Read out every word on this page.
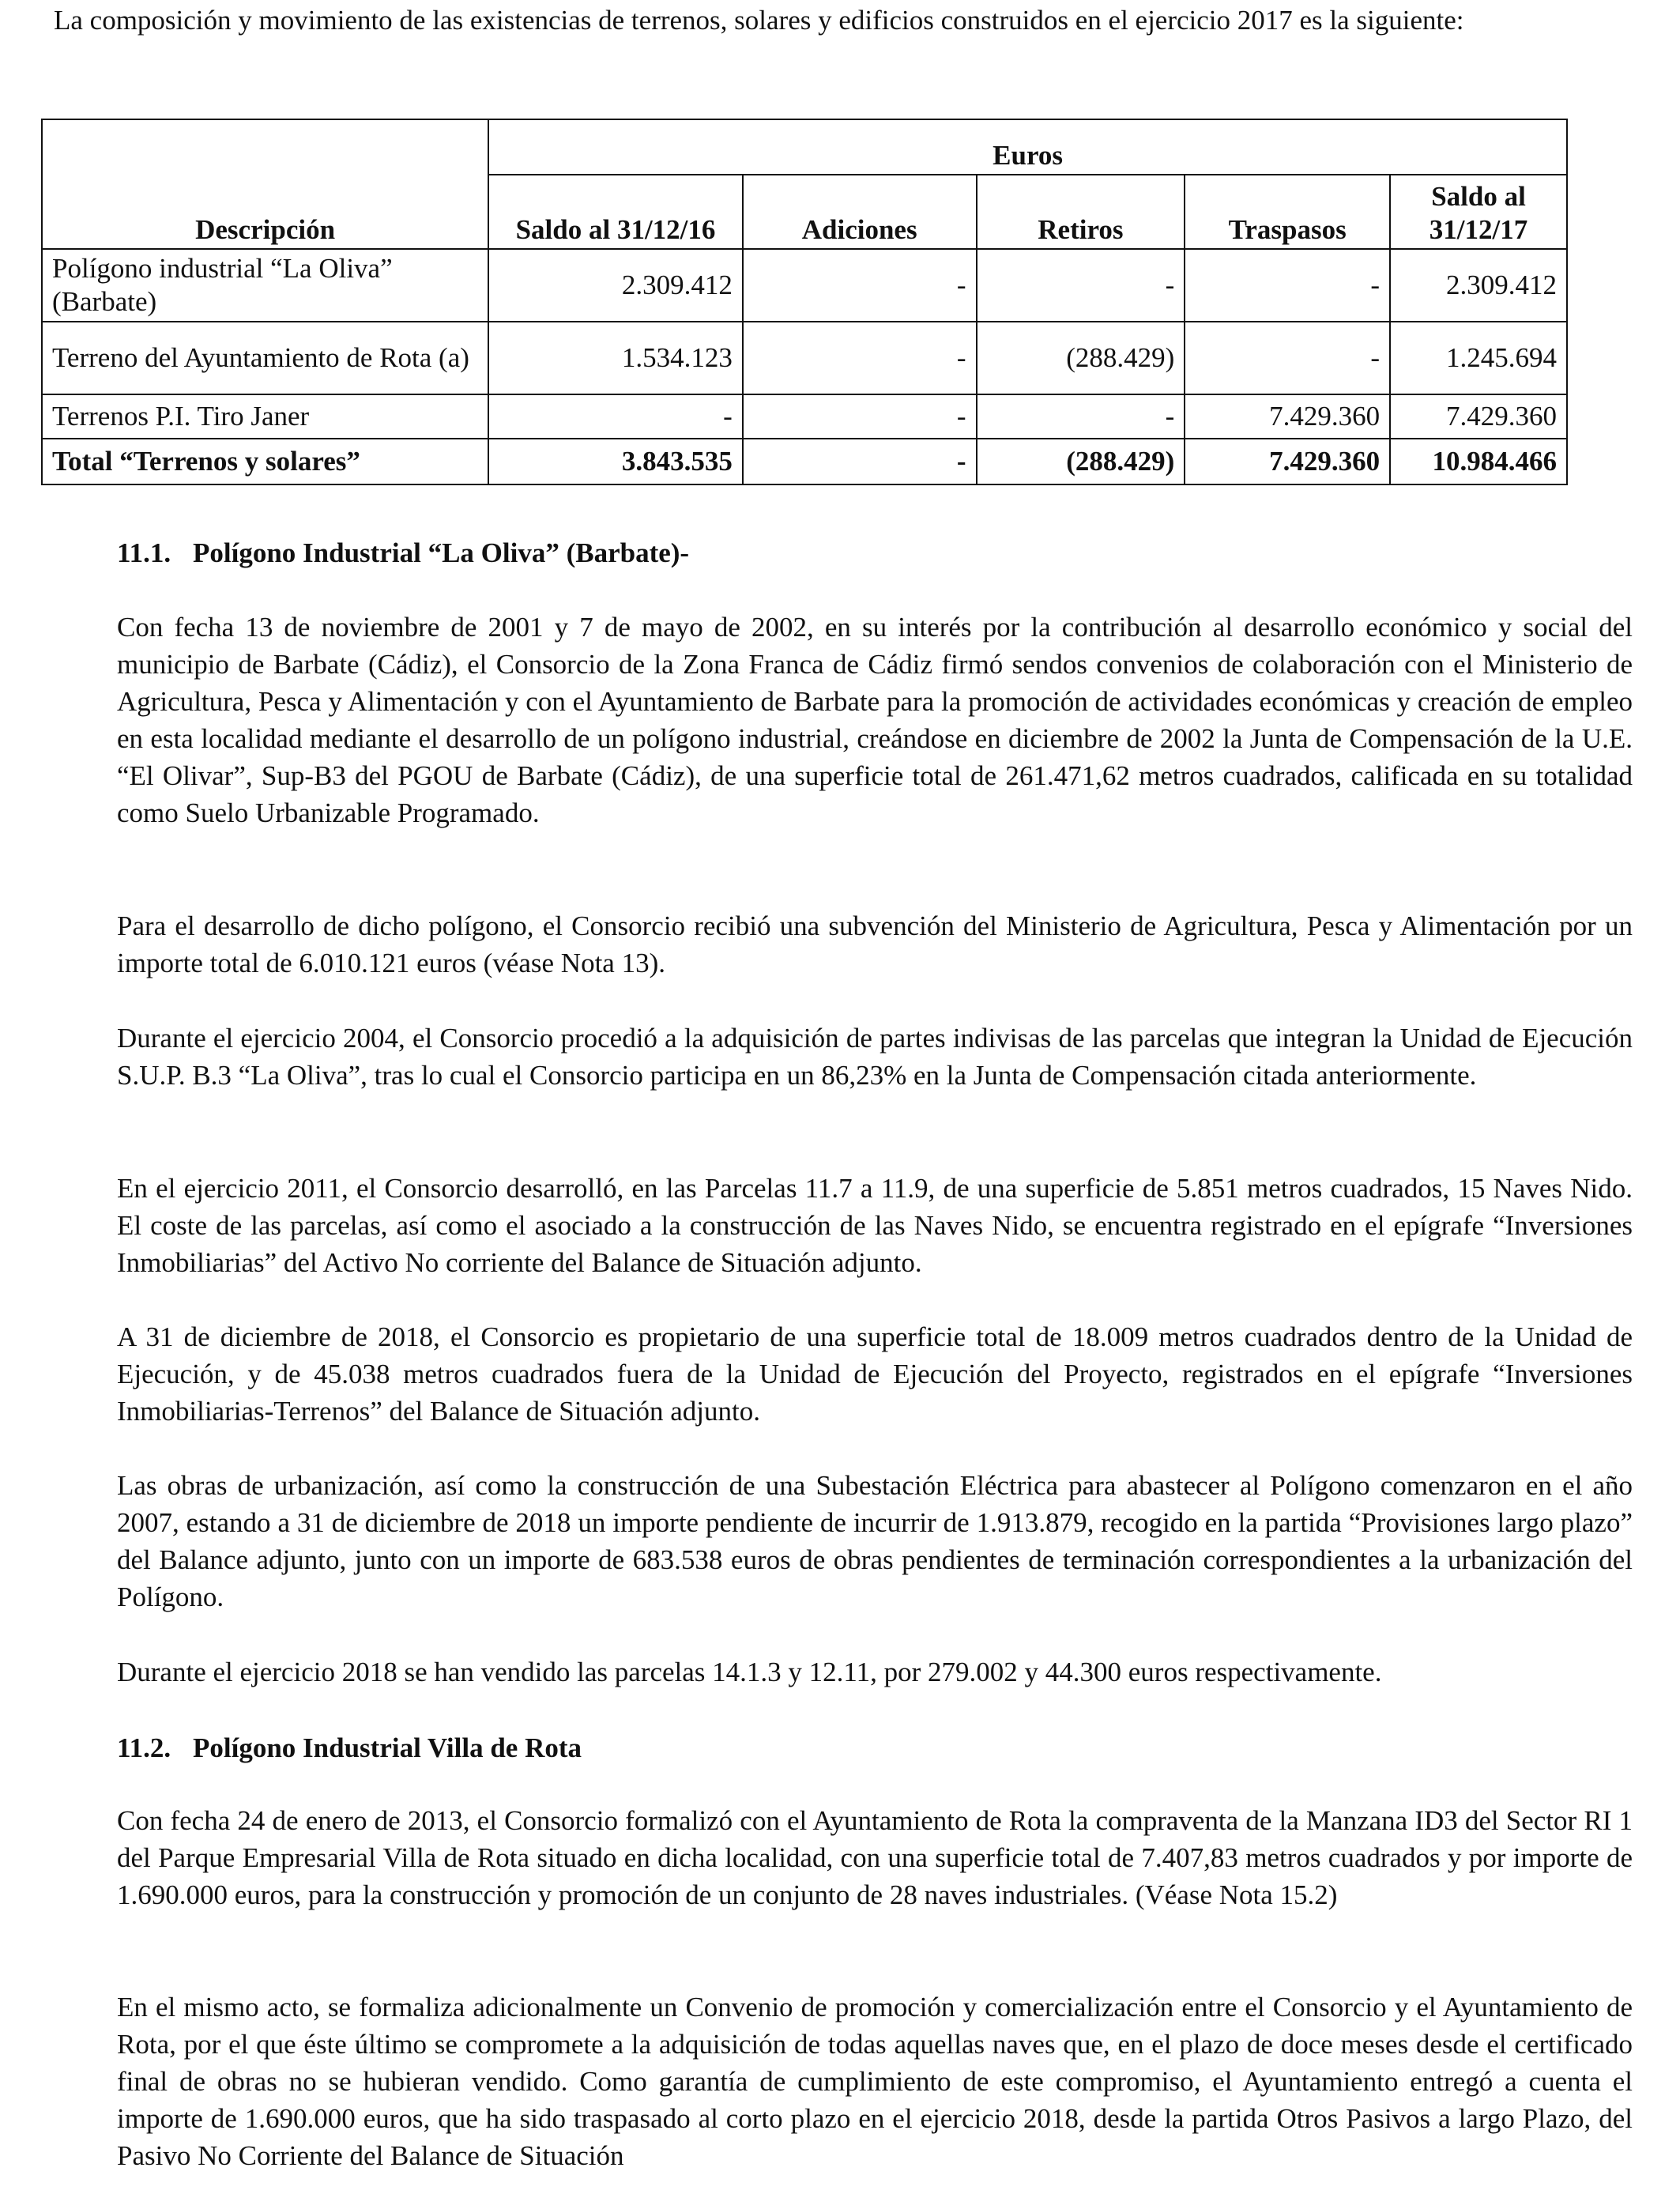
La composición y movimiento de las existencias de terrenos, solares y edificios construidos en el ejercicio 2017 es la siguiente:

	Euros				
Descripción	Saldo al 31/12/16	Adiciones	Retiros	Traspasos	Saldo al 31/12/17
Polígono industrial “La Oliva” (Barbate)	2.309.412	-	-	-	2.309.412
Terreno del Ayuntamiento de Rota (a)	1.534.123	-	(288.429)	-	1.245.694
Terrenos P.I. Tiro Janer	-	-	-	7.429.360	7.429.360
Total “Terrenos y solares”	3.843.535	-	(288.429)	7.429.360	10.984.466
11.1. Polígono Industrial “La Oliva” (Barbate)-

Con fecha 13 de noviembre de 2001 y 7 de mayo de 2002, en su interés por la contribución al desarrollo económico y social del municipio de Barbate (Cádiz), el Consorcio de la Zona Franca de Cádiz firmó sendos convenios de colaboración con el Ministerio de Agricultura, Pesca y Alimentación y con el Ayuntamiento de Barbate para la promoción de actividades económicas y creación de empleo en esta localidad mediante el desarrollo de un polígono industrial, creándose en diciembre de 2002 la Junta de Compensación de la U.E. “El Olivar”, Sup-B3 del PGOU de Barbate (Cádiz), de una superficie total de 261.471,62 metros cuadrados, calificada en su totalidad como Suelo Urbanizable Programado.

Para el desarrollo de dicho polígono, el Consorcio recibió una subvención del Ministerio de Agricultura, Pesca y Alimentación por un importe total de 6.010.121 euros (véase Nota 13).

Durante el ejercicio 2004, el Consorcio procedió a la adquisición de partes indivisas de las parcelas que integran la Unidad de Ejecución S.U.P. B.3 “La Oliva”, tras lo cual el Consorcio participa en un 86,23% en la Junta de Compensación citada anteriormente.

En el ejercicio 2011, el Consorcio desarrolló, en las Parcelas 11.7 a 11.9, de una superficie de 5.851 metros cuadrados, 15 Naves Nido. El coste de las parcelas, así como el asociado a la construcción de las Naves Nido, se encuentra registrado en el epígrafe “Inversiones Inmobiliarias” del Activo No corriente del Balance de Situación adjunto.

A 31 de diciembre de 2018, el Consorcio es propietario de una superficie total de 18.009 metros cuadrados dentro de la Unidad de Ejecución, y de 45.038 metros cuadrados fuera de la Unidad de Ejecución del Proyecto, registrados en el epígrafe “Inversiones Inmobiliarias-Terrenos” del Balance de Situación adjunto.

Las obras de urbanización, así como la construcción de una Subestación Eléctrica para abastecer al Polígono comenzaron en el año 2007, estando a 31 de diciembre de 2018 un importe pendiente de incurrir de 1.913.879, recogido en la partida “Provisiones largo plazo” del Balance adjunto, junto con un importe de 683.538 euros de obras pendientes de terminación correspondientes a la urbanización del Polígono.

Durante el ejercicio 2018 se han vendido las parcelas 14.1.3 y 12.11, por 279.002 y 44.300 euros respectivamente.

11.2. Polígono Industrial Villa de Rota

Con fecha 24 de enero de 2013, el Consorcio formalizó con el Ayuntamiento de Rota la compraventa de la Manzana ID3 del Sector RI 1 del Parque Empresarial Villa de Rota situado en dicha localidad, con una superficie total de 7.407,83 metros cuadrados y por importe de 1.690.000 euros, para la construcción y promoción de un conjunto de 28 naves industriales. (Véase Nota 15.2)

En el mismo acto, se formaliza adicionalmente un Convenio de promoción y comercialización entre el Consorcio y el Ayuntamiento de Rota, por el que éste último se compromete a la adquisición de todas aquellas naves que, en el plazo de doce meses desde el certificado final de obras no se hubieran vendido. Como garantía de cumplimiento de este compromiso, el Ayuntamiento entregó a cuenta el importe de 1.690.000 euros, que ha sido traspasado al corto plazo en el ejercicio 2018, desde la partida Otros Pasivos a largo Plazo, del Pasivo No Corriente del Balance de Situación
